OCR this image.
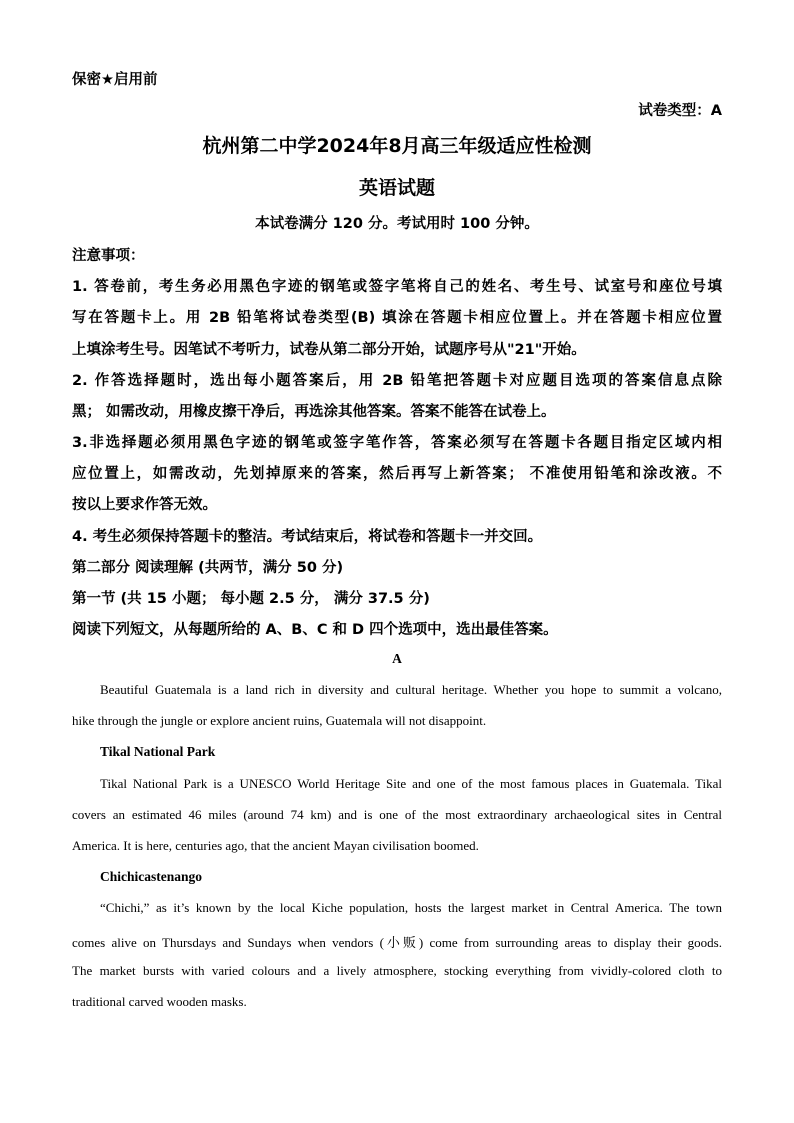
保密★启用前
试卷类型：A
杭州第二中学2024年8月高三年级适应性检测
英语试题
本试卷满分 120 分。考试用时 100 分钟。
注意事项：
1. 答卷前，考生务必用黑色字迹的钢笔或签字笔将自己的姓名、考生号、试室号和座位号填
写在答题卡上。用 2B 铅笔将试卷类型(B) 填涂在答题卡相应位置上。并在答题卡相应位置
上填涂考生号。因笔试不考听力，试卷从第二部分开始，试题序号从"21"开始。
2. 作答选择题时，选出每小题答案后，用 2B 铅笔把答题卡对应题目选项的答案信息点除
黑； 如需改动，用橡皮擦干净后，再选涂其他答案。答案不能答在试卷上。
3.非选择题必须用黑色字迹的钢笔或签字笔作答，答案必须写在答题卡各题目指定区域内相
应位置上，如需改动，先划掉原来的答案，然后再写上新答案； 不准使用铅笔和涂改液。不
按以上要求作答无效。
4. 考生必须保持答题卡的整洁。考试结束后，将试卷和答题卡一并交回。
第二部分 阅读理解 (共两节，满分 50 分)
第一节 (共 15 小题； 每小题 2.5 分， 满分 37.5 分)
阅读下列短文，从每题所给的 A、B、C 和 D 四个选项中，选出最佳答案。
A
Beautiful Guatemala is a land rich in diversity and cultural heritage. Whether you hope to summit a volcano,
hike through the jungle or explore ancient ruins, Guatemala will not disappoint.
Tikal National Park
Tikal National Park is a UNESCO World Heritage Site and one of the most famous places in Guatemala. Tikal
covers an estimated 46 miles (around 74 km) and is one of the most extraordinary archaeological sites in Central
America. It is here, centuries ago, that the ancient Mayan civilisation boomed.
Chichicastenango
“Chichi,” as it’s known by the local Kiche population, hosts the largest market in Central America. The town
comes alive on Thursdays and Sundays when vendors (小贩) come from surrounding areas to display their goods.
The market bursts with varied colours and a lively atmosphere, stocking everything from vividly-colored cloth to
traditional carved wooden masks.
